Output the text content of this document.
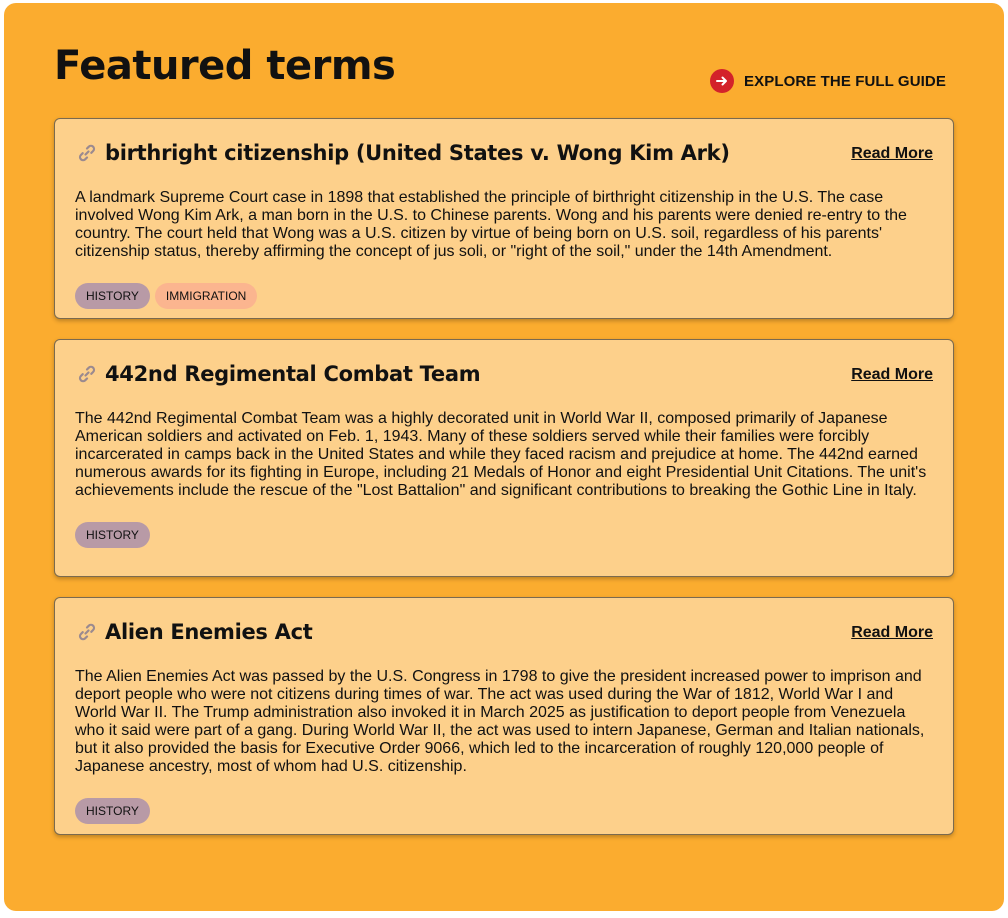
Featured terms	EXPLORE THE FULL GUIDE
birthright citizenship (United States v. Wong Kim Ark)	Read More

A landmark Supreme Court case in 1898 that established the principle of birthright citizenship in the U.S. The case involved Wong Kim Ark, a man born in the U.S. to Chinese parents. Wong and his parents were denied re-entry to the country. The court held that Wong was a U.S. citizen by virtue of being born on U.S. soil, regardless of his parents' citizenship status, thereby affirming the concept of jus soli, or "right of the soil," under the 14th Amendment.

HISTORY	IMMIGRATION
442nd Regimental Combat Team	Read More

The 442nd Regimental Combat Team was a highly decorated unit in World War II, composed primarily of Japanese American soldiers and activated on Feb. 1, 1943. Many of these soldiers served while their families were forcibly incarcerated in camps back in the United States and while they faced racism and prejudice at home. The 442nd earned numerous awards for its fighting in Europe, including 21 Medals of Honor and eight Presidential Unit Citations. The unit's achievements include the rescue of the "Lost Battalion" and significant contributions to breaking the Gothic Line in Italy.

HISTORY
Alien Enemies Act	Read More

The Alien Enemies Act was passed by the U.S. Congress in 1798 to give the president increased power to imprison and deport people who were not citizens during times of war. The act was used during the War of 1812, World War I and World War II. The Trump administration also invoked it in March 2025 as justification to deport people from Venezuela who it said were part of a gang. During World War II, the act was used to intern Japanese, German and Italian nationals, but it also provided the basis for Executive Order 9066, which led to the incarceration of roughly 120,000 people of Japanese ancestry, most of whom had U.S. citizenship.

HISTORY
